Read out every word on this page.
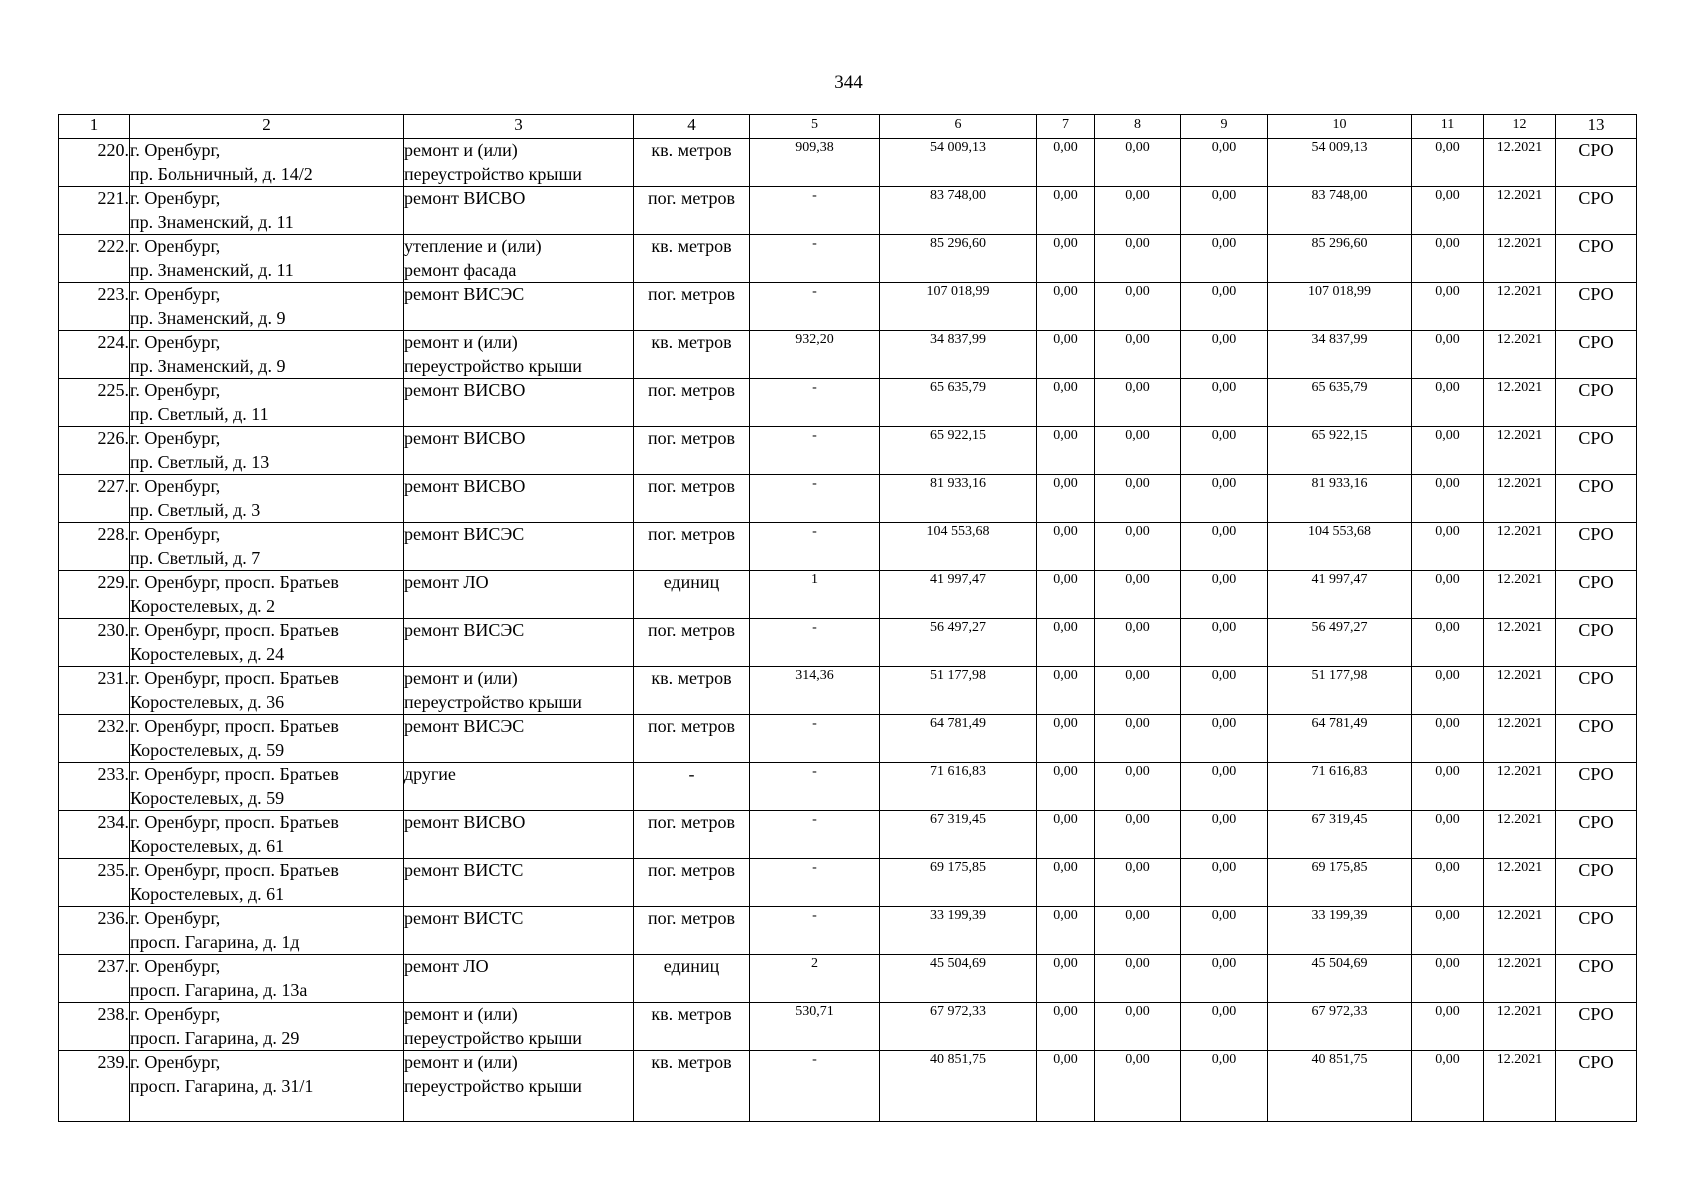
344
1	2	3	4	5	6	7	8	9	10	11	12	13
220.	г. Оренбург,
пр. Больничный, д. 14/2	ремонт и (или)
переустройство крыши	кв. метров	909,38	54 009,13	0,00	0,00	0,00	54 009,13	0,00	12.2021	СРО
221.	г. Оренбург,
пр. Знаменский, д. 11	ремонт ВИСВО	пог. метров	-	83 748,00	0,00	0,00	0,00	83 748,00	0,00	12.2021	СРО
222.	г. Оренбург,
пр. Знаменский, д. 11	утепление и (или)
ремонт фасада	кв. метров	-	85 296,60	0,00	0,00	0,00	85 296,60	0,00	12.2021	СРО
223.	г. Оренбург,
пр. Знаменский, д. 9	ремонт ВИСЭС	пог. метров	-	107 018,99	0,00	0,00	0,00	107 018,99	0,00	12.2021	СРО
224.	г. Оренбург,
пр. Знаменский, д. 9	ремонт и (или)
переустройство крыши	кв. метров	932,20	34 837,99	0,00	0,00	0,00	34 837,99	0,00	12.2021	СРО
225.	г. Оренбург,
пр. Светлый, д. 11	ремонт ВИСВО	пог. метров	-	65 635,79	0,00	0,00	0,00	65 635,79	0,00	12.2021	СРО
226.	г. Оренбург,
пр. Светлый, д. 13	ремонт ВИСВО	пог. метров	-	65 922,15	0,00	0,00	0,00	65 922,15	0,00	12.2021	СРО
227.	г. Оренбург,
пр. Светлый, д. 3	ремонт ВИСВО	пог. метров	-	81 933,16	0,00	0,00	0,00	81 933,16	0,00	12.2021	СРО
228.	г. Оренбург,
пр. Светлый, д. 7	ремонт ВИСЭС	пог. метров	-	104 553,68	0,00	0,00	0,00	104 553,68	0,00	12.2021	СРО
229.	г. Оренбург, просп. Братьев
Коростелевых, д. 2	ремонт ЛО	единиц	1	41 997,47	0,00	0,00	0,00	41 997,47	0,00	12.2021	СРО
230.	г. Оренбург, просп. Братьев
Коростелевых, д. 24	ремонт ВИСЭС	пог. метров	-	56 497,27	0,00	0,00	0,00	56 497,27	0,00	12.2021	СРО
231.	г. Оренбург, просп. Братьев
Коростелевых, д. 36	ремонт и (или)
переустройство крыши	кв. метров	314,36	51 177,98	0,00	0,00	0,00	51 177,98	0,00	12.2021	СРО
232.	г. Оренбург, просп. Братьев
Коростелевых, д. 59	ремонт ВИСЭС	пог. метров	-	64 781,49	0,00	0,00	0,00	64 781,49	0,00	12.2021	СРО
233.	г. Оренбург, просп. Братьев
Коростелевых, д. 59	другие	-	-	71 616,83	0,00	0,00	0,00	71 616,83	0,00	12.2021	СРО
234.	г. Оренбург, просп. Братьев
Коростелевых, д. 61	ремонт ВИСВО	пог. метров	-	67 319,45	0,00	0,00	0,00	67 319,45	0,00	12.2021	СРО
235.	г. Оренбург, просп. Братьев
Коростелевых, д. 61	ремонт ВИСТС	пог. метров	-	69 175,85	0,00	0,00	0,00	69 175,85	0,00	12.2021	СРО
236.	г. Оренбург,
просп. Гагарина, д. 1д	ремонт ВИСТС	пог. метров	-	33 199,39	0,00	0,00	0,00	33 199,39	0,00	12.2021	СРО
237.	г. Оренбург,
просп. Гагарина, д. 13а	ремонт ЛО	единиц	2	45 504,69	0,00	0,00	0,00	45 504,69	0,00	12.2021	СРО
238.	г. Оренбург,
просп. Гагарина, д. 29	ремонт и (или)
переустройство крыши	кв. метров	530,71	67 972,33	0,00	0,00	0,00	67 972,33	0,00	12.2021	СРО
239.	г. Оренбург,
просп. Гагарина, д. 31/1	ремонт и (или)
переустройство крыши	кв. метров	-	40 851,75	0,00	0,00	0,00	40 851,75	0,00	12.2021	СРО
